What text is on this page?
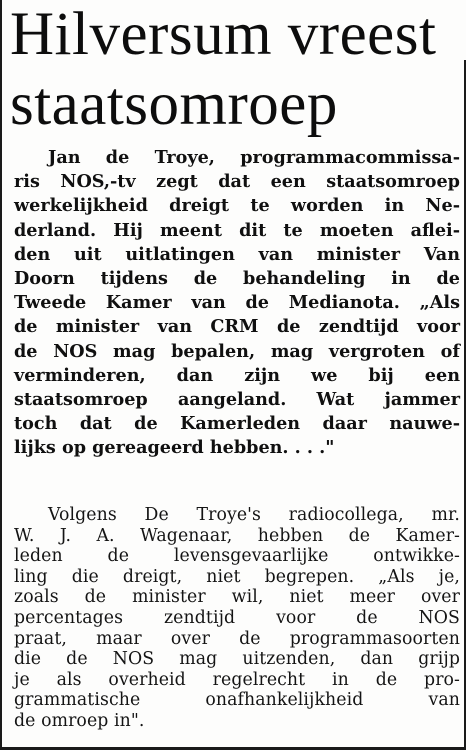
Hilversum vreest
staatsomroep
Jan de Troye, programmacommissa-
ris NOS,-tv zegt dat een staatsomroep
werkelijkheid dreigt te worden in Ne-
derland. Hij meent dit te moeten aflei-
den uit uitlatingen van minister Van
Doorn tijdens de behandeling in de
Tweede Kamer van de Medianota. „Als
de minister van CRM de zendtijd voor
de NOS mag bepalen, mag vergroten of
verminderen, dan zijn we bij een
staatsomroep aangeland. Wat jammer
toch dat de Kamerleden daar nauwe-
lijks op gereageerd hebben. . . ."
Volgens De Troye's radiocollega, mr.
W. J. A. Wagenaar, hebben de Kamer-
leden de levensgevaarlijke ontwikke-
ling die dreigt, niet begrepen. „Als je,
zoals de minister wil, niet meer over
percentages zendtijd voor de NOS
praat, maar over de programmasoorten
die de NOS mag uitzenden, dan grijp
je als overheid regelrecht in de pro-
grammatische onafhankelijkheid van
de omroep in".
